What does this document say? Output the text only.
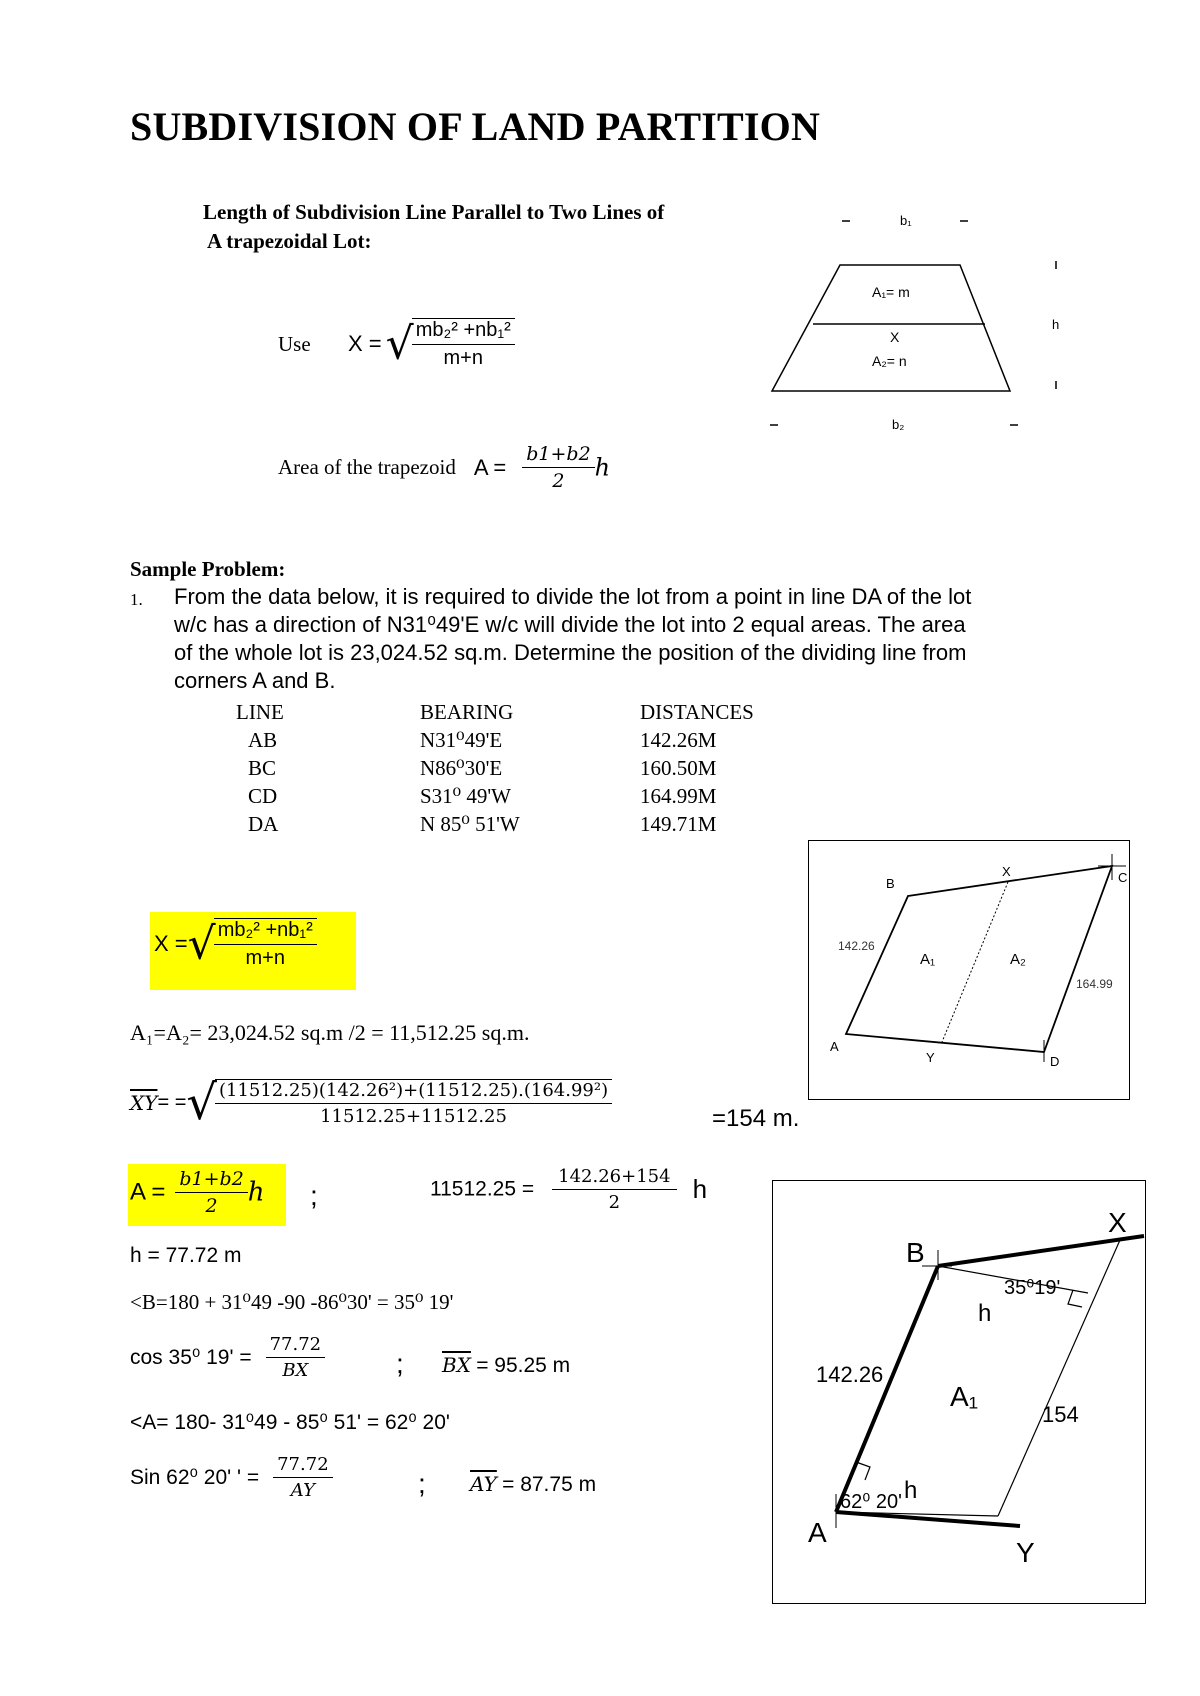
SUBDIVISION OF LAND PARTITION
Length of Subdivision Line Parallel to Two Lines of
A trapezoidal Lot:
Use X = √
$\frac{\text{mb₂² +nb₁²}}{m+n}$
Area of the trapezoid $A = \frac{b1+b2}{2}$ h
b₁
A₁= m
X
A₂= n
h
b₂
Sample Problem:
1.	From the data below, it is required to divide the lot from a point in line DA of the lot
w/c has a direction of N31⁰49'E w/c will divide the lot into 2 equal areas. The area
of the whole lot is 23,024.52 sq.m. Determine the position of the dividing line from
corners A and B.
LINE	BEARING	DISTANCES
AB	N31⁰49'E	142.26M
BC	N86⁰30'E	160.50M
CD	S31⁰ 49'W	164.99M
DA	N 85⁰ 51'W	149.71M
B
X	C
A
Y	D
142.26
164.99
A₁	A₂
X =√
$\frac{\text{mb₂² +nb₁²}}{m+n}$
A₁=A₂= 23,024.52 sq.m /2 = 11,512.25 sq.m.
$\overline{XY}=$ =√
$\frac{\text{(11512.25)(142.26²)+(11512.25).(164.99²)}}{11512.25+11512.25}$	=154 m.
$A = \frac{b1+b2}{2}$ h ;	$11512.25 = \frac{142.26+154}{2}$ h
h = 77.72 m
<B=180 + 31⁰49 -90 -86⁰30' = 35⁰ 19'
cos 35⁰ $19' = \frac{77.72}{BX}$	; $\overline{BX} = 95.25$ m
<A= 180- 31⁰49 - 85⁰ 51' = 62⁰ 20'
Sin 62⁰ 20' ' = $\frac{77.72}{AY}$	; $\overline{AY} = 87.75$ m
B
X
A
Y
35⁰19'
h
142.26
A₁
154
h
62⁰ 20'
